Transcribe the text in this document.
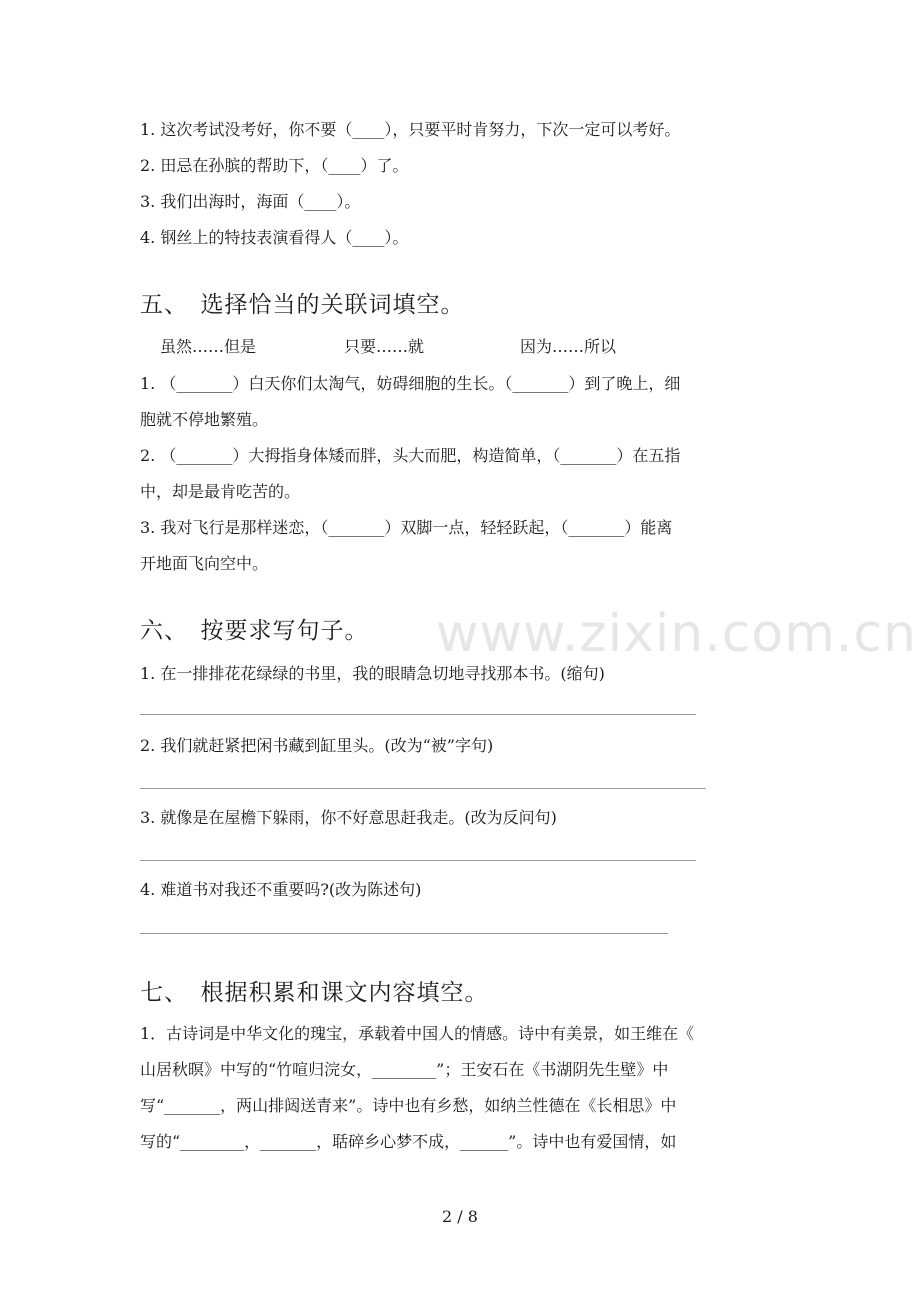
www.zixin.com.cn
1. 这次考试没考好，你不要（____），只要平时肯努力，下次一定可以考好。
2. 田忌在孙膑的帮助下，（____）了。
3. 我们出海时，海面（____）。
4. 钢丝上的特技表演看得人（____）。
五、　选择恰当的关联词填空。
虽然……但是	只要……就	因为……所以
1. （_______）白天你们太淘气，妨碍细胞的生长。（_______）到了晚上，细
胞就不停地繁殖。
2. （_______）大拇指身体矮而胖，头大而肥，构造简单，（_______）在五指
中，却是最肯吃苦的。
3. 我对飞行是那样迷恋，（_______）双脚一点，轻轻跃起，（_______）能离
开地面飞向空中。
六、　按要求写句子。
1. 在一排排花花绿绿的书里，我的眼睛急切地寻找那本书。(缩句)
2. 我们就赶紧把闲书藏到缸里头。(改为“被”字句)
3. 就像是在屋檐下躲雨，你不好意思赶我走。(改为反问句)
4. 难道书对我还不重要吗?(改为陈述句)
七、　根据积累和课文内容填空。
1．古诗词是中华文化的瑰宝，承载着中国人的情感。诗中有美景，如王维在《
山居秋暝》中写的“竹喧归浣女，________”；王安石在《书湖阴先生壁》中
写“_______，两山排闼送青来”。诗中也有乡愁，如纳兰性德在《长相思》中
写的“________，_______，聒碎乡心梦不成，______”。诗中也有爱国情，如
2 / 8
